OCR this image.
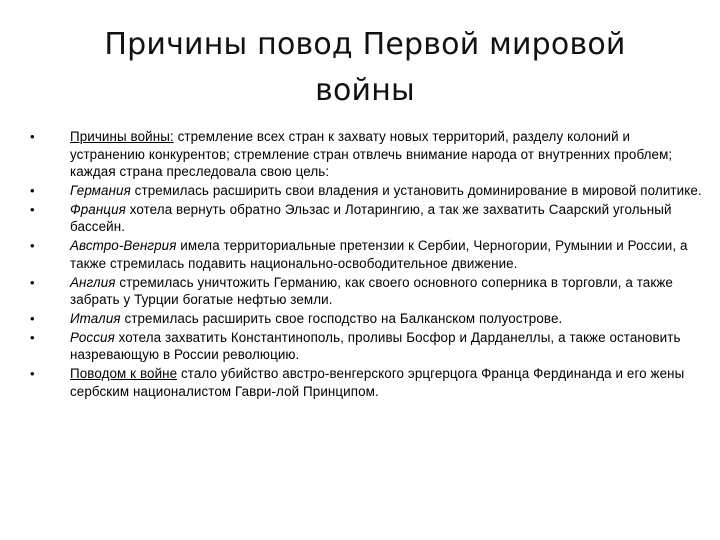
Причины повод Первой мировой
войны
•	Причины войны: стремление всех стран к захвату новых территорий, разделу колоний и устранению конкурентов; стремление стран отвлечь внимание народа от внутренних проблем; каждая страна преследовала свою цель:
•	Германия стремилась расширить свои владения и установить доминирование в мировой политике.
•	Франция хотела вернуть обратно Эльзас и Лотарингию, а так же захватить Саарский угольный бассейн.
•	Австро-Венгрия имела территориальные претензии к Сербии, Черногории, Румынии и России, а также стремилась подавить национально-освободительное движение.
•	Англия стремилась уничтожить Германию, как своего основного соперника в торговли, а также забрать у Турции богатые нефтью земли.
•	Италия стремилась расширить свое господство на Балканском полуострове.
•	Россия хотела захватить Константинополь, проливы Босфор и Дарданеллы, а также остановить назревающую в России революцию.
•	Поводом к войне стало убийство австро-венгерского эрцгерцога Франца Фердинанда и его жены сербским националистом Гаври-лой Принципом.
